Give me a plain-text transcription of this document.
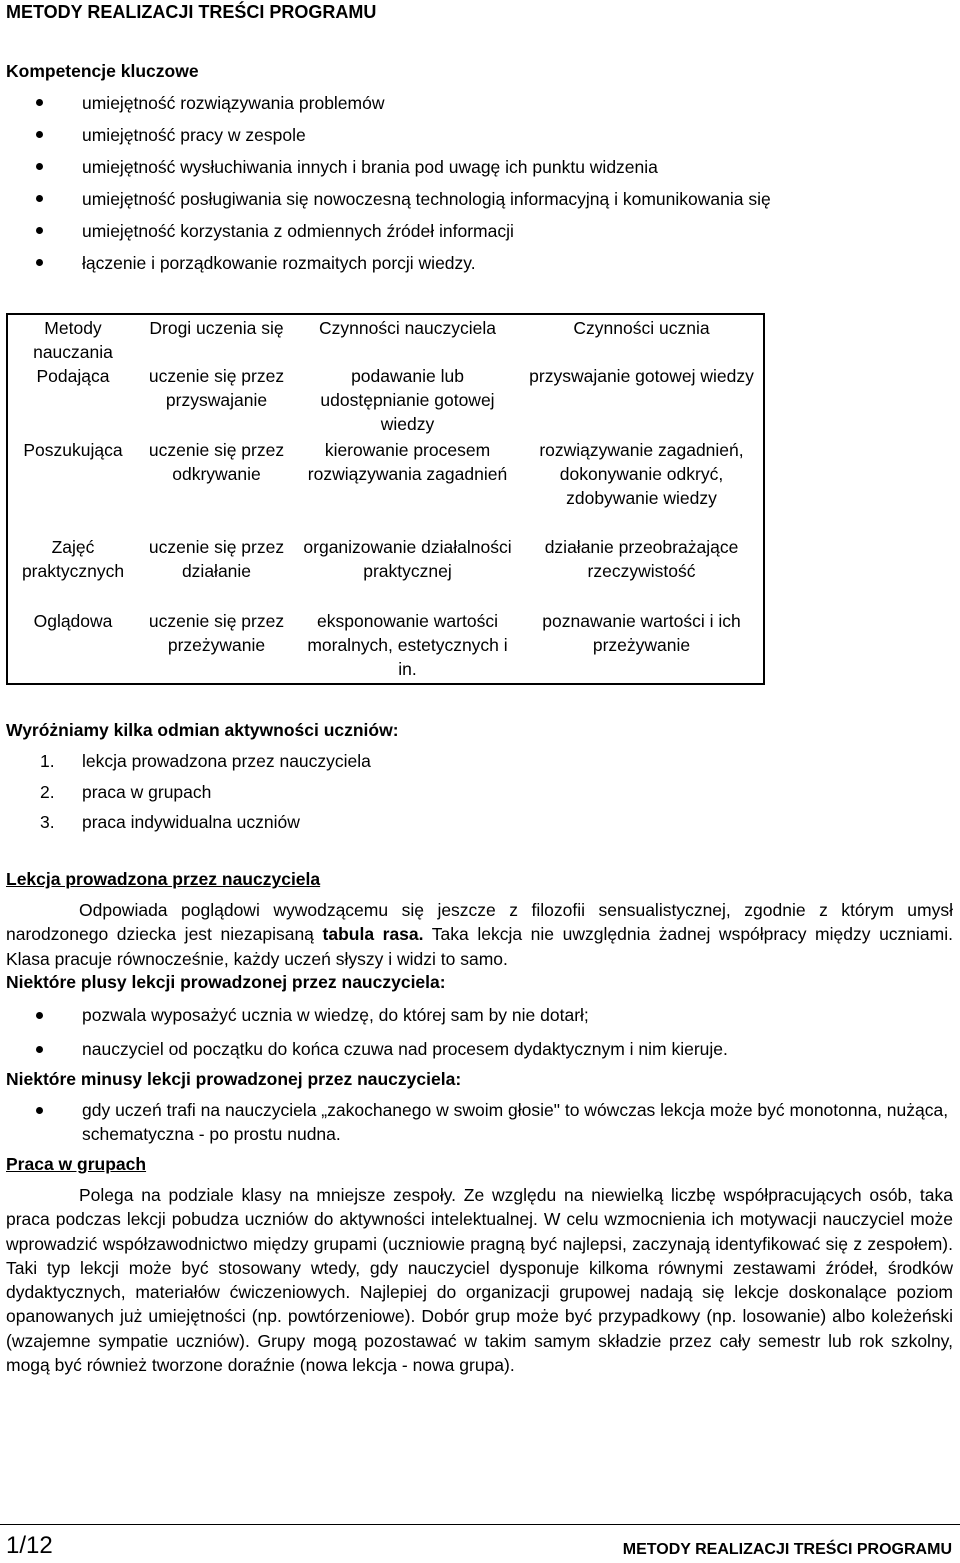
METODY REALIZACJI TREŚCI PROGRAMU
Kompetencje kluczowe
umiejętność rozwiązywania problemów
umiejętność pracy w zespole
umiejętność wysłuchiwania innych i brania pod uwagę ich punktu widzenia
umiejętność posługiwania się nowoczesną technologią informacyjną i komunikowania się
umiejętność korzystania z odmiennych źródeł informacji
łączenie i porządkowanie rozmaitych porcji wiedzy.
Metody nauczania	Drogi uczenia się	Czynności nauczyciela	Czynności ucznia
Podająca	uczenie się przez przyswajanie	podawanie lub udostępnianie gotowej wiedzy	przyswajanie gotowej wiedzy
Poszukująca	uczenie się przez odkrywanie	kierowanie procesem rozwiązywania zagadnień	rozwiązywanie zagadnień, dokonywanie odkryć, zdobywanie wiedzy
Zajęć praktycznych	uczenie się przez działanie	organizowanie działalności praktycznej	działanie przeobrażające rzeczywistość
Oglądowa	uczenie się przez przeżywanie	eksponowanie wartości moralnych, estetycznych i in.	poznawanie wartości i ich przeżywanie
Wyróżniamy kilka odmian aktywności uczniów:
1. lekcja prowadzona przez nauczyciela
2. praca w grupach
3. praca indywidualna uczniów
Lekcja prowadzona przez nauczyciela
Odpowiada poglądowi wywodzącemu się jeszcze z filozofii sensualistycznej, zgodnie z którym umysł narodzonego dziecka jest niezapisaną tabula rasa. Taka lekcja nie uwzględnia żadnej współpracy między uczniami. Klasa pracuje równocześnie, każdy uczeń słyszy i widzi to samo.
Niektóre plusy lekcji prowadzonej przez nauczyciela:
pozwala wyposażyć ucznia w wiedzę, do której sam by nie dotarł;
nauczyciel od początku do końca czuwa nad procesem dydaktycznym i nim kieruje.
Niektóre minusy lekcji prowadzonej przez nauczyciela:
gdy uczeń trafi na nauczyciela „zakochanego w swoim głosie" to wówczas lekcja może być monotonna, nużąca, schematyczna - po prostu nudna.
Praca w grupach
Polega na podziale klasy na mniejsze zespoły. Ze względu na niewielką liczbę współpracujących osób, taka praca podczas lekcji pobudza uczniów do aktywności intelektualnej. W celu wzmocnienia ich motywacji nauczyciel może wprowadzić współzawodnictwo między grupami (uczniowie pragną być najlepsi, zaczynają identyfikować się z zespołem). Taki typ lekcji może być stosowany wtedy, gdy nauczyciel dysponuje kilkoma równymi zestawami źródeł, środków dydaktycznych, materiałów ćwiczeniowych. Najlepiej do organizacji grupowej nadają się lekcje doskonalące poziom opanowanych już umiejętności (np. powtórzeniowe). Dobór grup może być przypadkowy (np. losowanie) albo koleżeński (wzajemne sympatie uczniów). Grupy mogą pozostawać w takim samym składzie przez cały semestr lub rok szkolny, mogą być również tworzone doraźnie (nowa lekcja - nowa grupa).
1/12	METODY REALIZACJI TREŚCI PROGRAMU
